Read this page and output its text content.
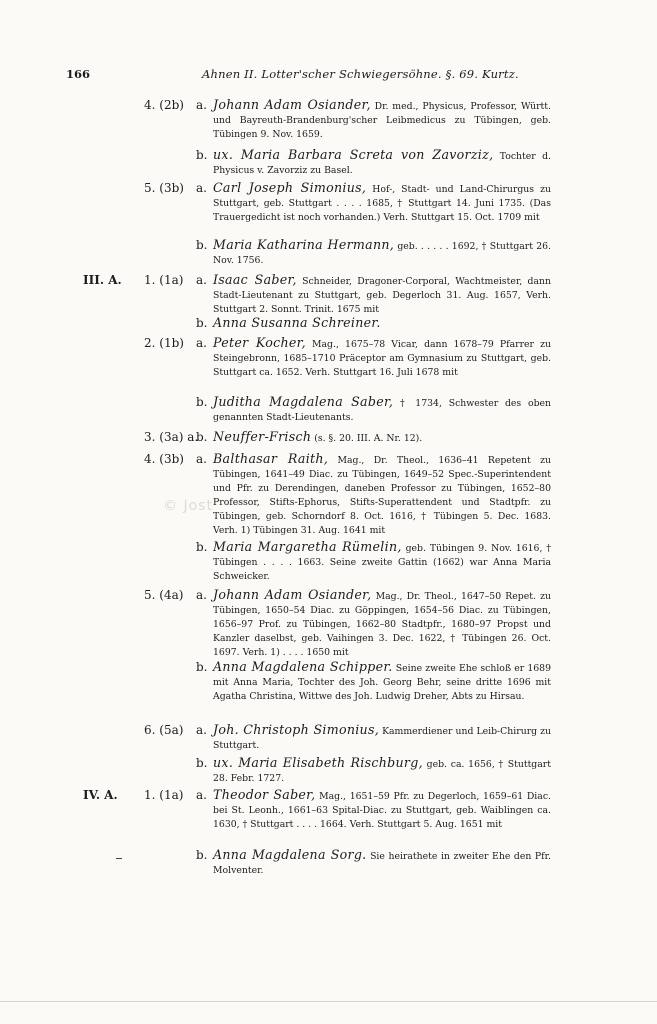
166	Ahnen II. Lotter'scher Schwiegersöhne. §. 69. Kurtz.
4. (2b) a. Johann Adam Osiander, Dr. med., Physicus, Professor, Württ. und Bayreuth-Brandenburg'scher Leibmedicus zu Tübingen, geb. Tübingen 9. Nov. 1659.
b. ux. Maria Barbara Screta von Zavorziz, Tochter d. Physicus v. Zavorziz zu Basel.
5. (3b) a. Carl Joseph Simonius, Hof-, Stadt- und Land-Chirurgus zu Stuttgart, geb. Stuttgart . . . . 1685, † Stuttgart 14. Juni 1735. (Das Trauergedicht ist noch vorhanden.) Verh. Stuttgart 15. Oct. 1709 mit
b. Maria Katharina Hermann, geb. . . . . . 1692, † Stuttgart 26. Nov. 1756.
III. A. 1. (1a) a. Isaac Saber, Schneider, Dragoner-Corporal, Wachtmeister, dann Stadt-Lieutenant zu Stuttgart, geb. Degerloch 31. Aug. 1657, Verh. Stuttgart 2. Sonnt. Trinit. 1675 mit
b. Anna Susanna Schreiner.
2. (1b) a. Peter Kocher, Mag., 1675–78 Vicar, dann 1678–79 Pfarrer zu Steingebronn, 1685–1710 Präceptor am Gymnasium zu Stuttgart, geb. Stuttgart ca. 1652. Verh. Stuttgart 16. Juli 1678 mit
b. Juditha Magdalena Saber, † 1734, Schwester des oben genannten Stadt-Lieutenants.
3. (3a) a.
b. Neuffer-Frisch (s. §. 20. III. A. Nr. 12).
4. (3b) a. Balthasar Raith, Mag., Dr. Theol., 1636–41 Repetent zu Tübingen, 1641–49 Diac. zu Tübingen, 1649–52 Spec.-Superintendent und Pfr. zu Derendingen, daneben Professor zu Tübingen, 1652–80 Professor, Stifts-Ephorus, Stifts-Superattendent und Stadtpfr. zu Tübingen, geb. Schorndorf 8. Oct. 1616, † Tübingen 5. Dec. 1683. Verh. 1) Tübingen 31. Aug. 1641 mit
b. Maria Margaretha Rümelin, geb. Tübingen 9. Nov. 1616, † Tübingen . . . . 1663. Seine zweite Gattin (1662) war Anna Maria Schweicker.
5. (4a) a. Johann Adam Osiander, Mag., Dr. Theol., 1647–50 Repet. zu Tübingen, 1650–54 Diac. zu Göppingen, 1654–56 Diac. zu Tübingen, 1656–97 Prof. zu Tübingen, 1662–80 Stadtpfr., 1680–97 Propst und Kanzler daselbst, geb. Vaihingen 3. Dec. 1622, † Tübingen 26. Oct. 1697. Verh. 1) . . . . 1650 mit
b. Anna Magdalena Schipper. Seine zweite Ehe schloß er 1689 mit Anna Maria, Tochter des Joh. Georg Behr, seine dritte 1696 mit Agatha Christina, Wittwe des Joh. Ludwig Dreher, Abts zu Hirsau.
6. (5a) a. Joh. Christoph Simonius, Kammerdiener und Leib-Chirurg zu Stuttgart.
b. ux. Maria Elisabeth Rischburg, geb. ca. 1656, † Stuttgart 28. Febr. 1727.
IV. A. 1. (1a) a. Theodor Saber, Mag., 1651–59 Pfr. zu Degerloch, 1659–61 Diac. bei St. Leonh., 1661–63 Spital-Diac. zu Stuttgart, geb. Waiblingen ca. 1630, † Stuttgart . . . . 1664. Verh. Stuttgart 5. Aug. 1651 mit
b. Anna Magdalena Sorg. Sie heirathete in zweiter Ehe den Pfr. Molventer.
© Jost
